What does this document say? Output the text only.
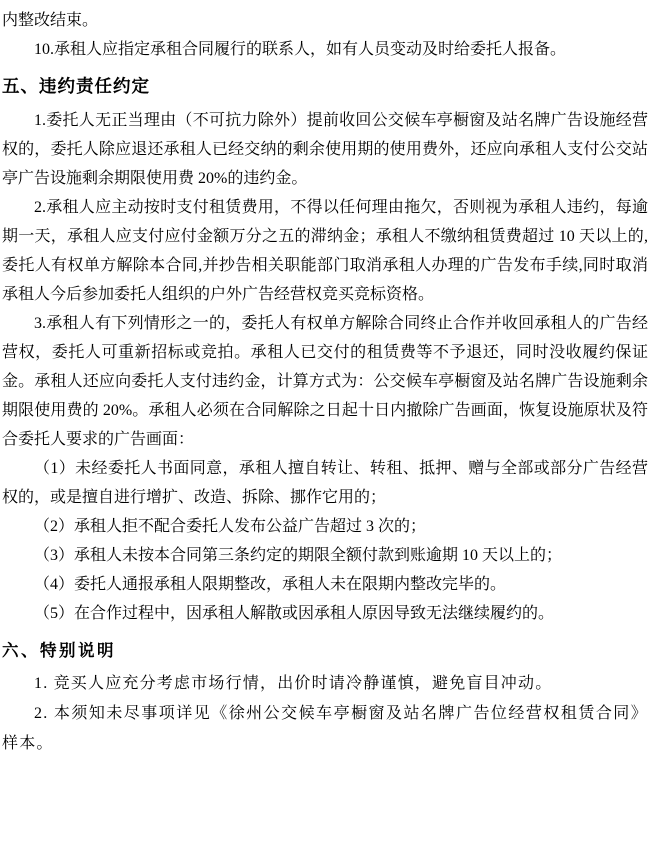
内整改结束。

10.承租人应指定承租合同履行的联系人，如有人员变动及时给委托人报备。

五、违约责任约定

1.委托人无正当理由（不可抗力除外）提前收回公交候车亭橱窗及站名牌广告设施经营权的，委托人除应退还承租人已经交纳的剩余使用期的使用费外，还应向承租人支付公交站亭广告设施剩余期限使用费 20%的违约金。

2.承租人应主动按时支付租赁费用，不得以任何理由拖欠，否则视为承租人违约，每逾期一天，承租人应支付应付金额万分之五的滞纳金；承租人不缴纳租赁费超过 10 天以上的,委托人有权单方解除本合同,并抄告相关职能部门取消承租人办理的广告发布手续,同时取消承租人今后参加委托人组织的户外广告经营权竞买竞标资格。

3.承租人有下列情形之一的，委托人有权单方解除合同终止合作并收回承租人的广告经营权，委托人可重新招标或竞拍。承租人已交付的租赁费等不予退还，同时没收履约保证金。承租人还应向委托人支付违约金，计算方式为：公交候车亭橱窗及站名牌广告设施剩余期限使用费的 20%。承租人必须在合同解除之日起十日内撤除广告画面，恢复设施原状及符合委托人要求的广告画面：

（1）未经委托人书面同意，承租人擅自转让、转租、抵押、赠与全部或部分广告经营权的，或是擅自进行增扩、改造、拆除、挪作它用的；

（2）承租人拒不配合委托人发布公益广告超过 3 次的；

（3）承租人未按本合同第三条约定的期限全额付款到账逾期 10 天以上的；

（4）委托人通报承租人限期整改，承租人未在限期内整改完毕的。

（5）在合作过程中，因承租人解散或因承租人原因导致无法继续履约的。

六、特别说明

1. 竞买人应充分考虑市场行情，出价时请冷静谨慎，避免盲目冲动。

2. 本须知未尽事项详见《徐州公交候车亭橱窗及站名牌广告位经营权租赁合同》样本。
